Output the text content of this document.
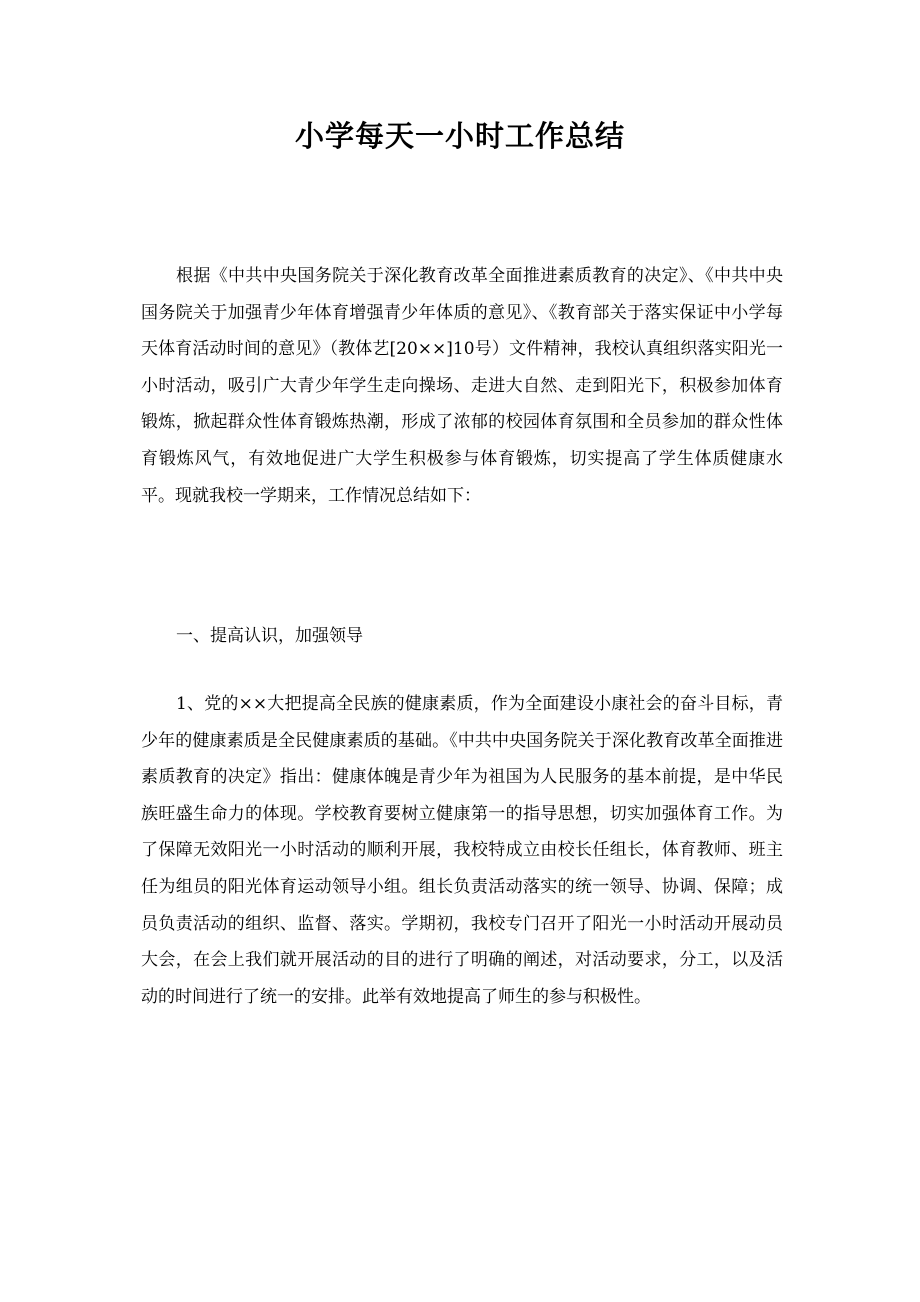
小学每天一小时工作总结

根据《中共中央国务院关于深化教育改革全面推进素质教育的决定》、《中共中央国务院关于加强青少年体育增强青少年体质的意见》、《教育部关于落实保证中小学每天体育活动时间的意见》（教体艺[20××]10号）文件精神，我校认真组织落实阳光一小时活动，吸引广大青少年学生走向操场、走进大自然、走到阳光下，积极参加体育锻炼，掀起群众性体育锻炼热潮，形成了浓郁的校园体育氛围和全员参加的群众性体育锻炼风气，有效地促进广大学生积极参与体育锻炼，切实提高了学生体质健康水平。现就我校一学期来，工作情况总结如下：

一、提高认识，加强领导

1、党的××大把提高全民族的健康素质，作为全面建设小康社会的奋斗目标，青少年的健康素质是全民健康素质的基础。《中共中央国务院关于深化教育改革全面推进素质教育的决定》指出：健康体魄是青少年为祖国为人民服务的基本前提，是中华民族旺盛生命力的体现。学校教育要树立健康第一的指导思想，切实加强体育工作。为了保障无效阳光一小时活动的顺利开展，我校特成立由校长任组长，体育教师、班主任为组员的阳光体育运动领导小组。组长负责活动落实的统一领导、协调、保障；成员负责活动的组织、监督、落实。学期初，我校专门召开了阳光一小时活动开展动员大会，在会上我们就开展活动的目的进行了明确的阐述，对活动要求，分工，以及活动的时间进行了统一的安排。此举有效地提高了师生的参与积极性。
